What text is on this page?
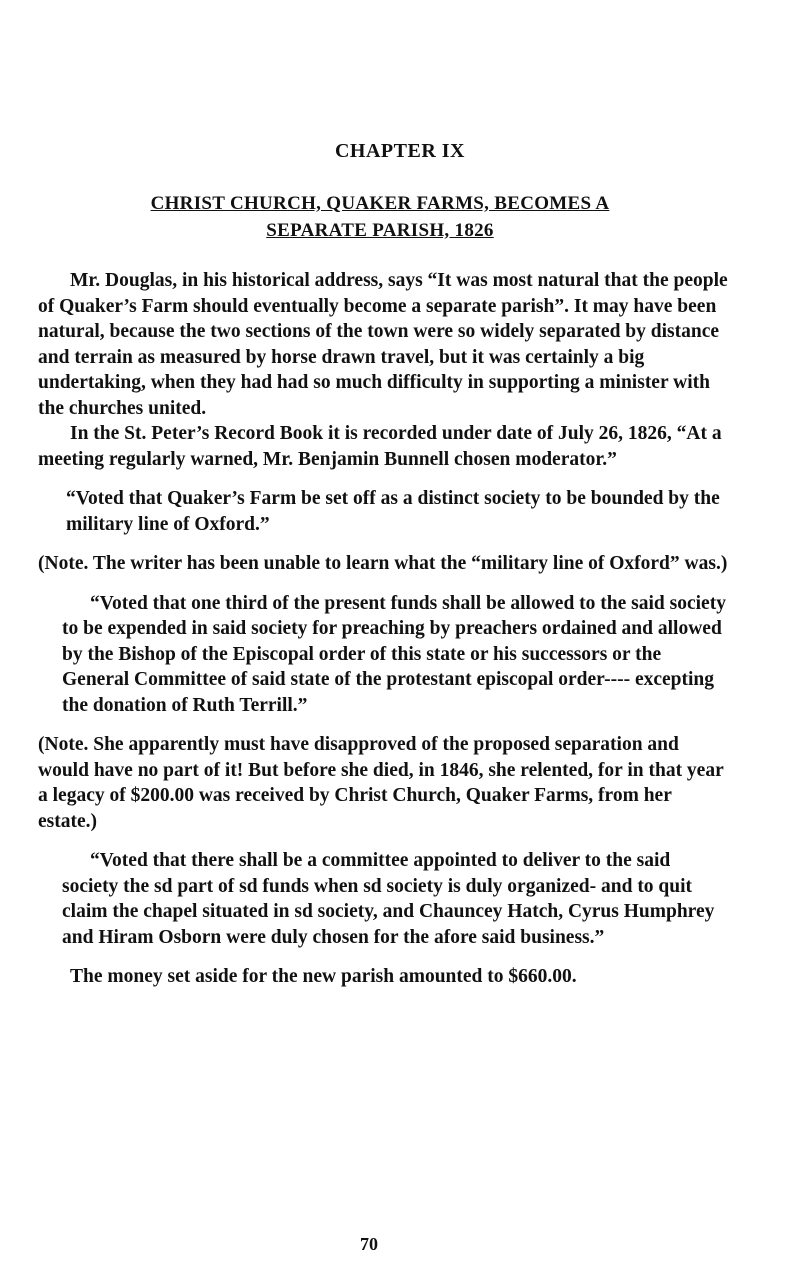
CHAPTER IX
CHRIST CHURCH, QUAKER FARMS, BECOMES A
SEPARATE PARISH, 1826

Mr. Douglas, in his historical address, says “It was most natural that the people of Quaker’s Farm should eventually become a separate parish”. It may have been natural, because the two sections of the town were so widely separated by distance and terrain as measured by horse drawn travel, but it was certainly a big undertaking, when they had had so much difficulty in supporting a minister with the churches united.

In the St. Peter’s Record Book it is recorded under date of July 26, 1826, “At a meeting regularly warned, Mr. Benjamin Bunnell chosen moderator.”

“Voted that Quaker’s Farm be set off as a distinct society to be bounded by the military line of Oxford.”

(Note. The writer has been unable to learn what the “military line of Oxford” was.)

“Voted that one third of the present funds shall be allowed to the said society to be expended in said society for preaching by preachers ordained and allowed by the Bishop of the Episcopal order of this state or his successors or the General Committee of said state of the protestant episcopal order---- excepting the donation of Ruth Terrill.”

(Note. She apparently must have disapproved of the proposed separation and would have no part of it! But before she died, in 1846, she relented, for in that year a legacy of $200.00 was received by Christ Church, Quaker Farms, from her estate.)

“Voted that there shall be a committee appointed to deliver to the said society the sd part of sd funds when sd society is duly organized- and to quit claim the chapel situated in sd society, and Chauncey Hatch, Cyrus Humphrey and Hiram Osborn were duly chosen for the afore said business.”

The money set aside for the new parish amounted to $660.00.

70
